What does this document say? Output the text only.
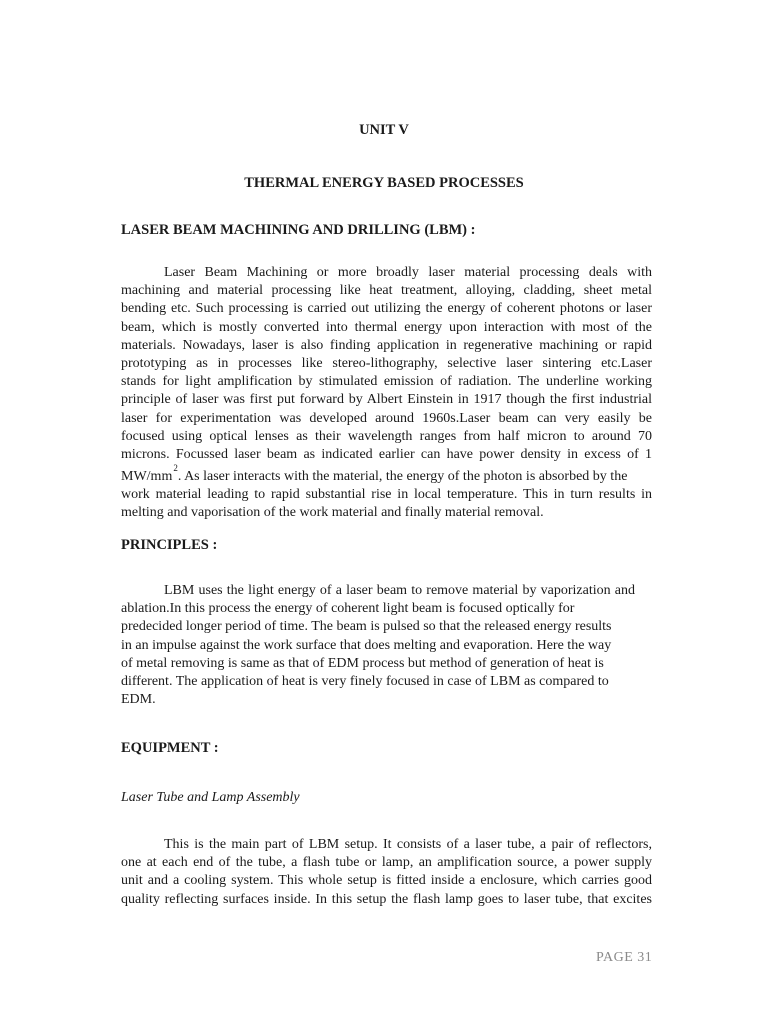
UNIT V
THERMAL ENERGY BASED PROCESSES
LASER BEAM MACHINING AND DRILLING (LBM) :
Laser Beam Machining or more broadly laser material processing deals with
machining and material processing like heat treatment, alloying, cladding, sheet metal
bending etc. Such processing is carried out utilizing the energy of coherent photons or laser
beam, which is mostly converted into thermal energy upon interaction with most of the
materials. Nowadays, laser is also finding application in regenerative machining or rapid
prototyping as in processes like stereo-lithography, selective laser sintering etc.Laser
stands for light amplification by stimulated emission of radiation. The underline working
principle of laser was first put forward by Albert Einstein in 1917 though the first industrial
laser for experimentation was developed around 1960s.Laser beam can very easily be
focused using optical lenses as their wavelength ranges from half micron to around 70
microns. Focussed laser beam as indicated earlier can have power density in excess of 1
$MW/mm^2$. As laser interacts with the material, the energy of the photon is absorbed by the
work material leading to rapid substantial rise in local temperature. This in turn results in
melting and vaporisation of the work material and finally material removal.
PRINCIPLES :
LBM uses the light energy of a laser beam to remove material by vaporization and
ablation.In this process the energy of coherent light beam is focused optically for
predecided longer period of time. The beam is pulsed so that the released energy results
in an impulse against the work surface that does melting and evaporation. Here the way
of metal removing is same as that of EDM process but method of generation of heat is
different. The application of heat is very finely focused in case of LBM as compared to
EDM.
EQUIPMENT :

Laser Tube and Lamp Assembly

This is the main part of LBM setup. It consists of a laser tube, a pair of reflectors,
one at each end of the tube, a flash tube or lamp, an amplification source, a power supply
unit and a cooling system. This whole setup is fitted inside a enclosure, which carries good
quality reflecting surfaces inside. In this setup the flash lamp goes to laser tube, that excites
PAGE 31
